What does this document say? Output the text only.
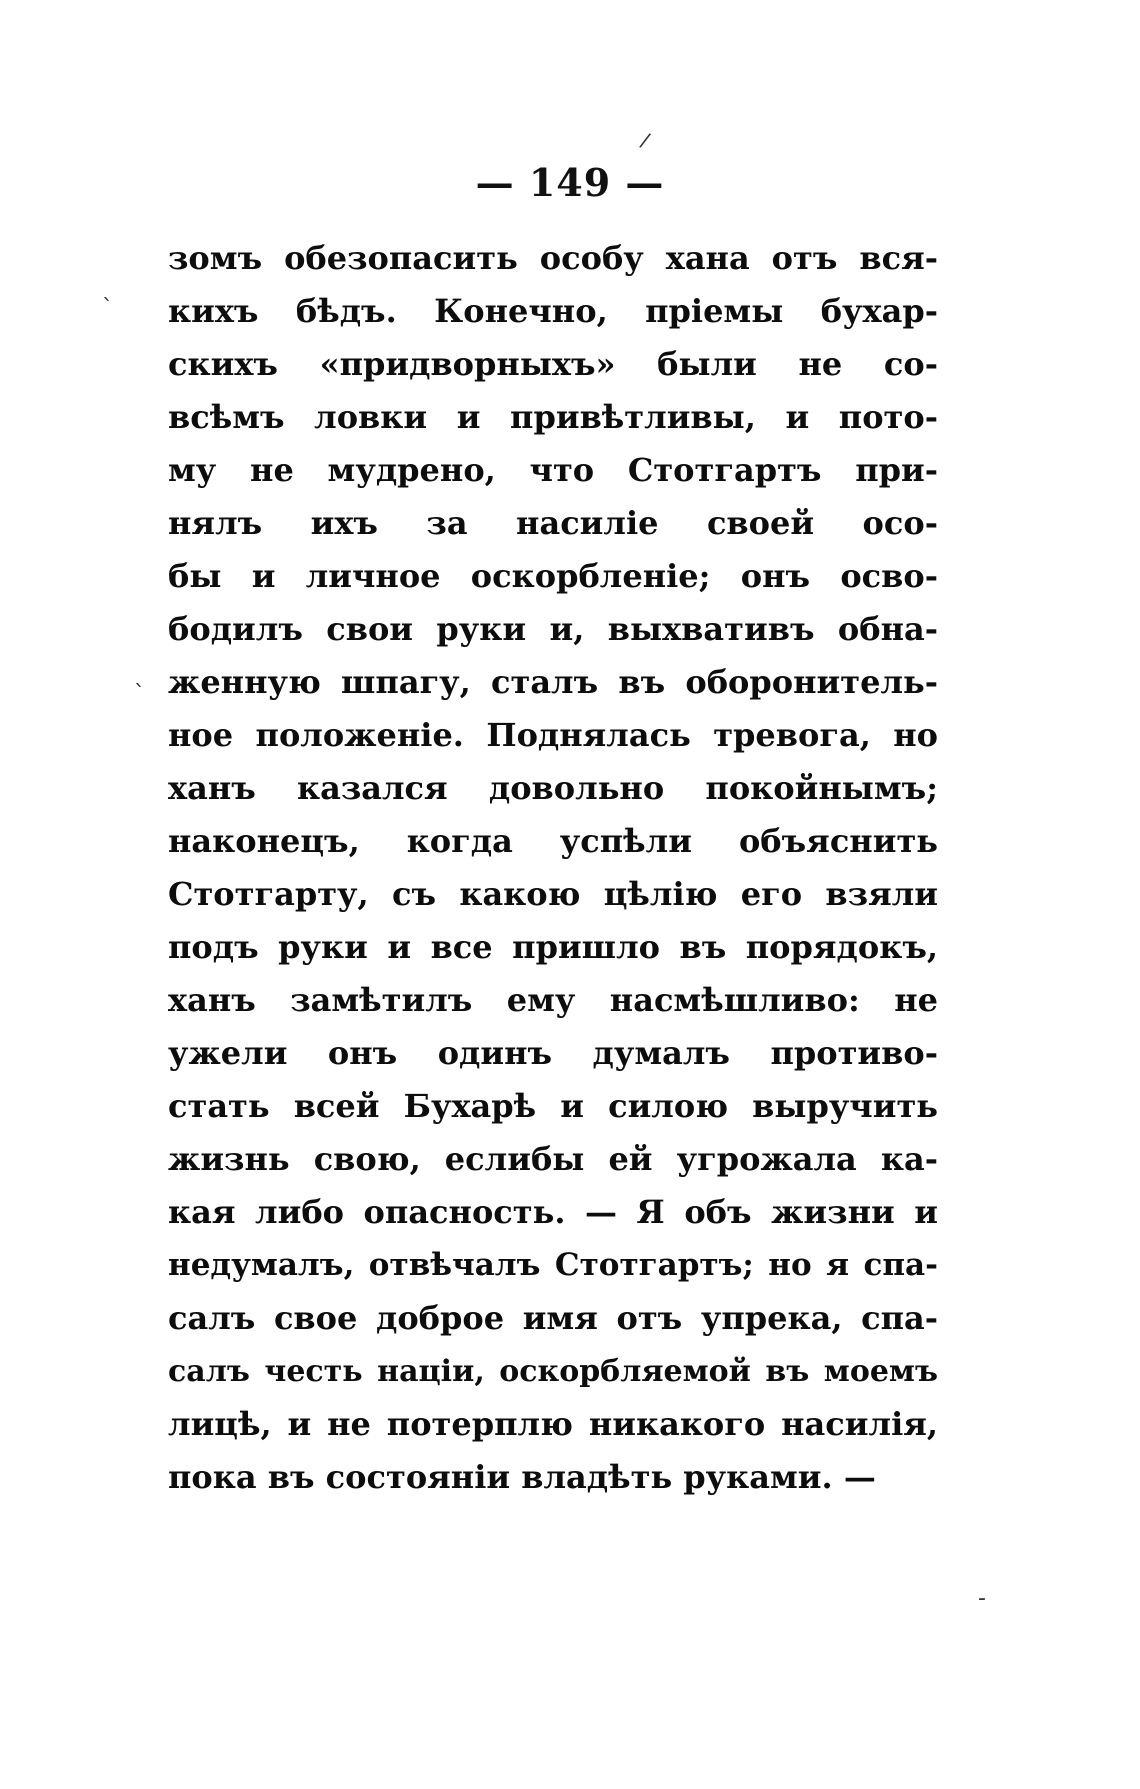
— 149 —
зомъ обезопасить особу хана отъ вся-
кихъ бѣдъ. Конечно, пріемы бухар-
скихъ «придворныхъ» были не со-
всѣмъ ловки и привѣтливы, и пото-
му не мудрено, что Стотгартъ при-
нялъ ихъ за насиліе своей осо-
бы и личное оскорбленіе; онъ осво-
бодилъ свои руки и, выхвативъ обна-
женную шпагу, сталъ въ оборонитель-
ное положеніе. Поднялась тревога, но
ханъ казался довольно покойнымъ;
наконецъ, когда успѣли объяснить
Стотгарту, съ какою цѣлію его взяли
подъ руки и все пришло въ порядокъ,
ханъ замѣтилъ ему насмѣшливо: не
ужели онъ одинъ думалъ противо-
стать всей Бухарѣ и силою выручить
жизнь свою, еслибы ей угрожала ка-
кая либо опасность. — Я объ жизни и
недумалъ, отвѣчалъ Стотгартъ; но я спа-
салъ свое доброе имя отъ упрека, спа-
салъ честь націи, оскорбляемой въ моемъ
лицѣ, и не потерплю никакого насилія,
пока въ состояніи владѣть руками. —
/
`
`
-
